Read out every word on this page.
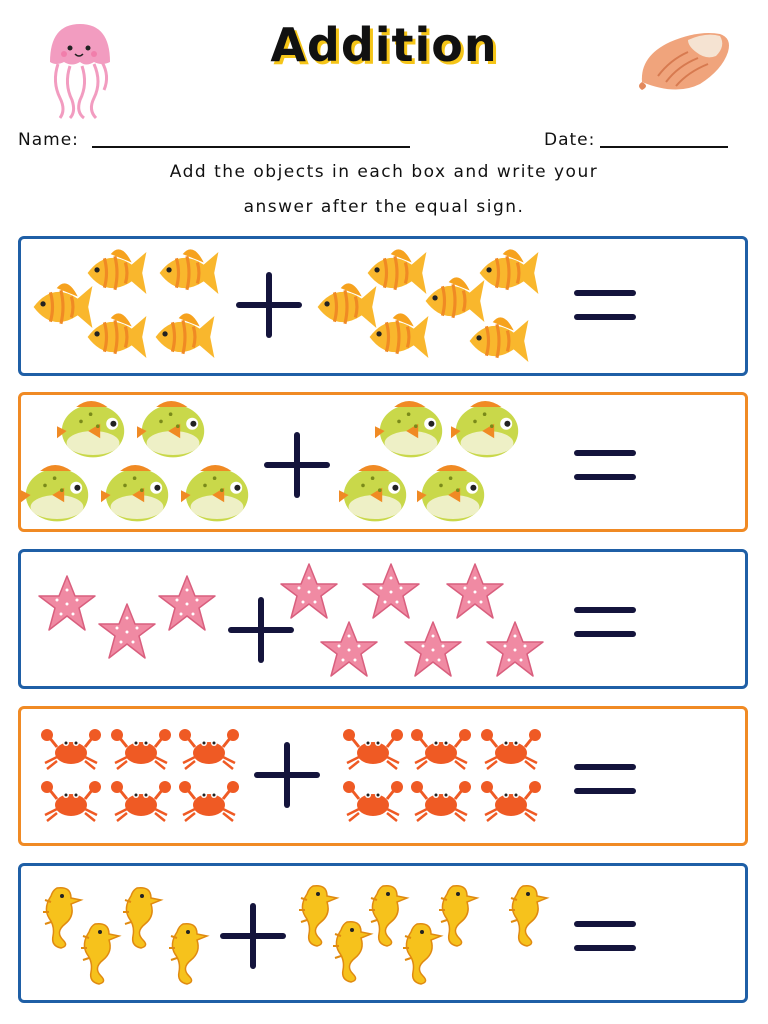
Addition
Name:	Date:
Add the objects in each box and write your
answer after the equal sign.
